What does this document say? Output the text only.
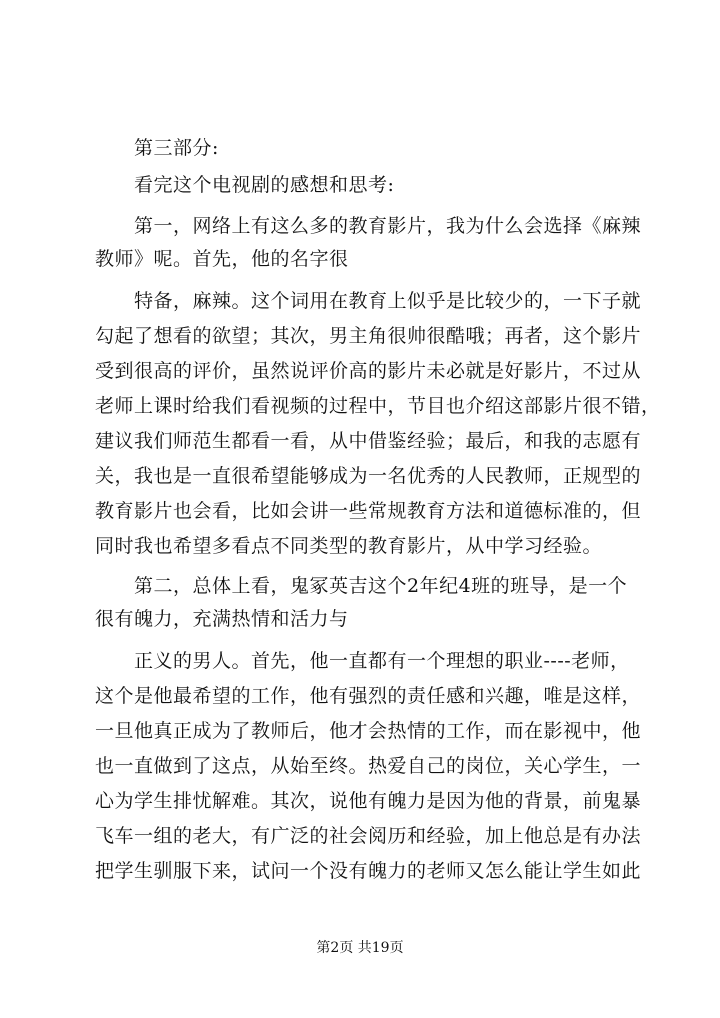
第三部分:
看完这个电视剧的感想和思考:
第一，网络上有这么多的教育影片，我为什么会选择《麻辣
教师》呢。首先，他的名字很
特备，麻辣。这个词用在教育上似乎是比较少的，一下子就
勾起了想看的欲望；其次，男主角很帅很酷哦；再者，这个影片
受到很高的评价，虽然说评价高的影片未必就是好影片，不过从
老师上课时给我们看视频的过程中，节目也介绍这部影片很不错，
建议我们师范生都看一看，从中借鉴经验；最后，和我的志愿有
关，我也是一直很希望能够成为一名优秀的人民教师，正规型的
教育影片也会看，比如会讲一些常规教育方法和道德标准的，但
同时我也希望多看点不同类型的教育影片，从中学习经验。
第二，总体上看，鬼冢英吉这个2年纪4班的班导，是一个
很有魄力，充满热情和活力与
正义的男人。首先，他一直都有一个理想的职业----老师，
这个是他最希望的工作，他有强烈的责任感和兴趣，唯是这样，
一旦他真正成为了教师后，他才会热情的工作，而在影视中，他
也一直做到了这点，从始至终。热爱自己的岗位，关心学生，一
心为学生排忧解难。其次，说他有魄力是因为他的背景，前鬼暴
飞车一组的老大，有广泛的社会阅历和经验，加上他总是有办法
把学生驯服下来，试问一个没有魄力的老师又怎么能让学生如此
第2页 共19页
